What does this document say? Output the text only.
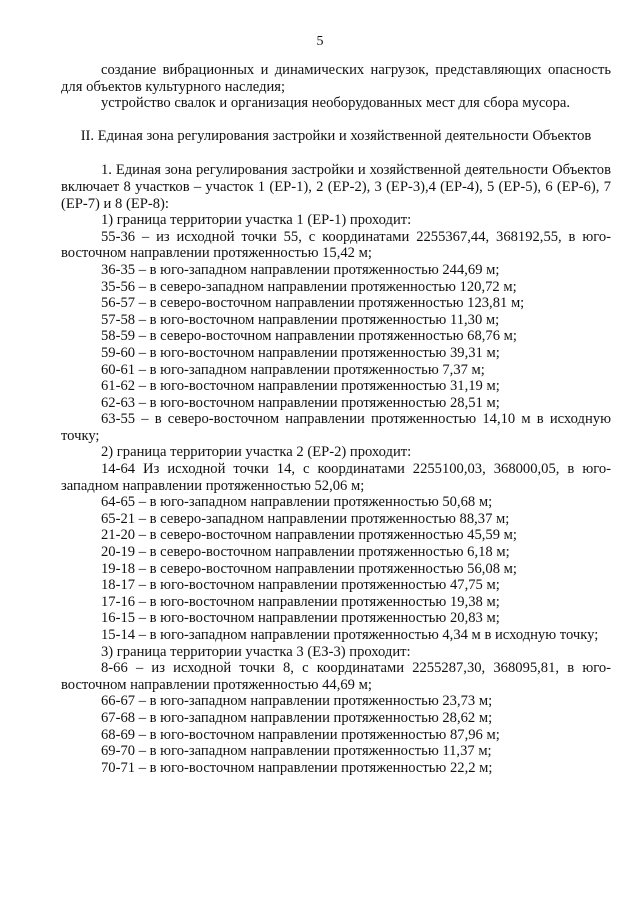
5

создание вибрационных и динамических нагрузок, представляющих опасность для объектов культурного наследия;

устройство свалок и организация необорудованных мест для сбора мусора.

II. Единая зона регулирования застройки и хозяйственной деятельности Объектов

1. Единая зона регулирования застройки и хозяйственной деятельности Объектов включает 8 участков – участок 1 (ЕР-1), 2 (ЕР-2), 3 (ЕР-3),4 (ЕР-4), 5 (ЕР-5), 6 (ЕР-6), 7 (ЕР-7) и 8 (ЕР-8):

1) граница территории участка 1 (ЕР-1) проходит:

55-36 – из исходной точки 55, с координатами 2255367,44, 368192,55, в юго-восточном направлении протяженностью 15,42 м;

36-35 – в юго-западном направлении протяженностью 244,69 м;

35-56 – в северо-западном направлении протяженностью 120,72 м;

56-57 – в северо-восточном направлении протяженностью 123,81 м;

57-58 – в юго-восточном направлении протяженностью 11,30 м;

58-59 – в северо-восточном направлении протяженностью 68,76 м;

59-60 – в юго-восточном направлении протяженностью 39,31 м;

60-61 – в юго-западном направлении протяженностью 7,37 м;

61-62 – в юго-восточном направлении протяженностью 31,19 м;

62-63 – в юго-восточном направлении протяженностью 28,51 м;

63-55 – в северо-восточном направлении протяженностью 14,10 м в исходную точку;

2) граница территории участка 2 (ЕР-2) проходит:

14-64 Из исходной точки 14, с координатами 2255100,03, 368000,05, в юго-западном направлении протяженностью 52,06 м;

64-65 – в юго-западном направлении протяженностью 50,68 м;

65-21 – в северо-западном направлении протяженностью 88,37 м;

21-20 – в северо-восточном направлении протяженностью 45,59 м;

20-19 – в северо-восточном направлении протяженностью 6,18 м;

19-18 – в северо-восточном направлении протяженностью 56,08 м;

18-17 – в юго-восточном направлении протяженностью 47,75 м;

17-16 – в юго-восточном направлении протяженностью 19,38 м;

16-15 – в юго-восточном направлении протяженностью 20,83 м;

15-14 – в юго-западном направлении протяженностью 4,34 м в исходную точку;

3) граница территории участка 3 (ЕЗ-3) проходит:

8-66 – из исходной точки 8, с координатами 2255287,30, 368095,81, в юго-восточном направлении протяженностью 44,69 м;

66-67 – в юго-западном направлении протяженностью 23,73 м;

67-68 – в юго-западном направлении протяженностью 28,62 м;

68-69 – в юго-восточном направлении протяженностью 87,96 м;

69-70 – в юго-западном направлении протяженностью 11,37 м;

70-71 – в юго-восточном направлении протяженностью 22,2 м;
